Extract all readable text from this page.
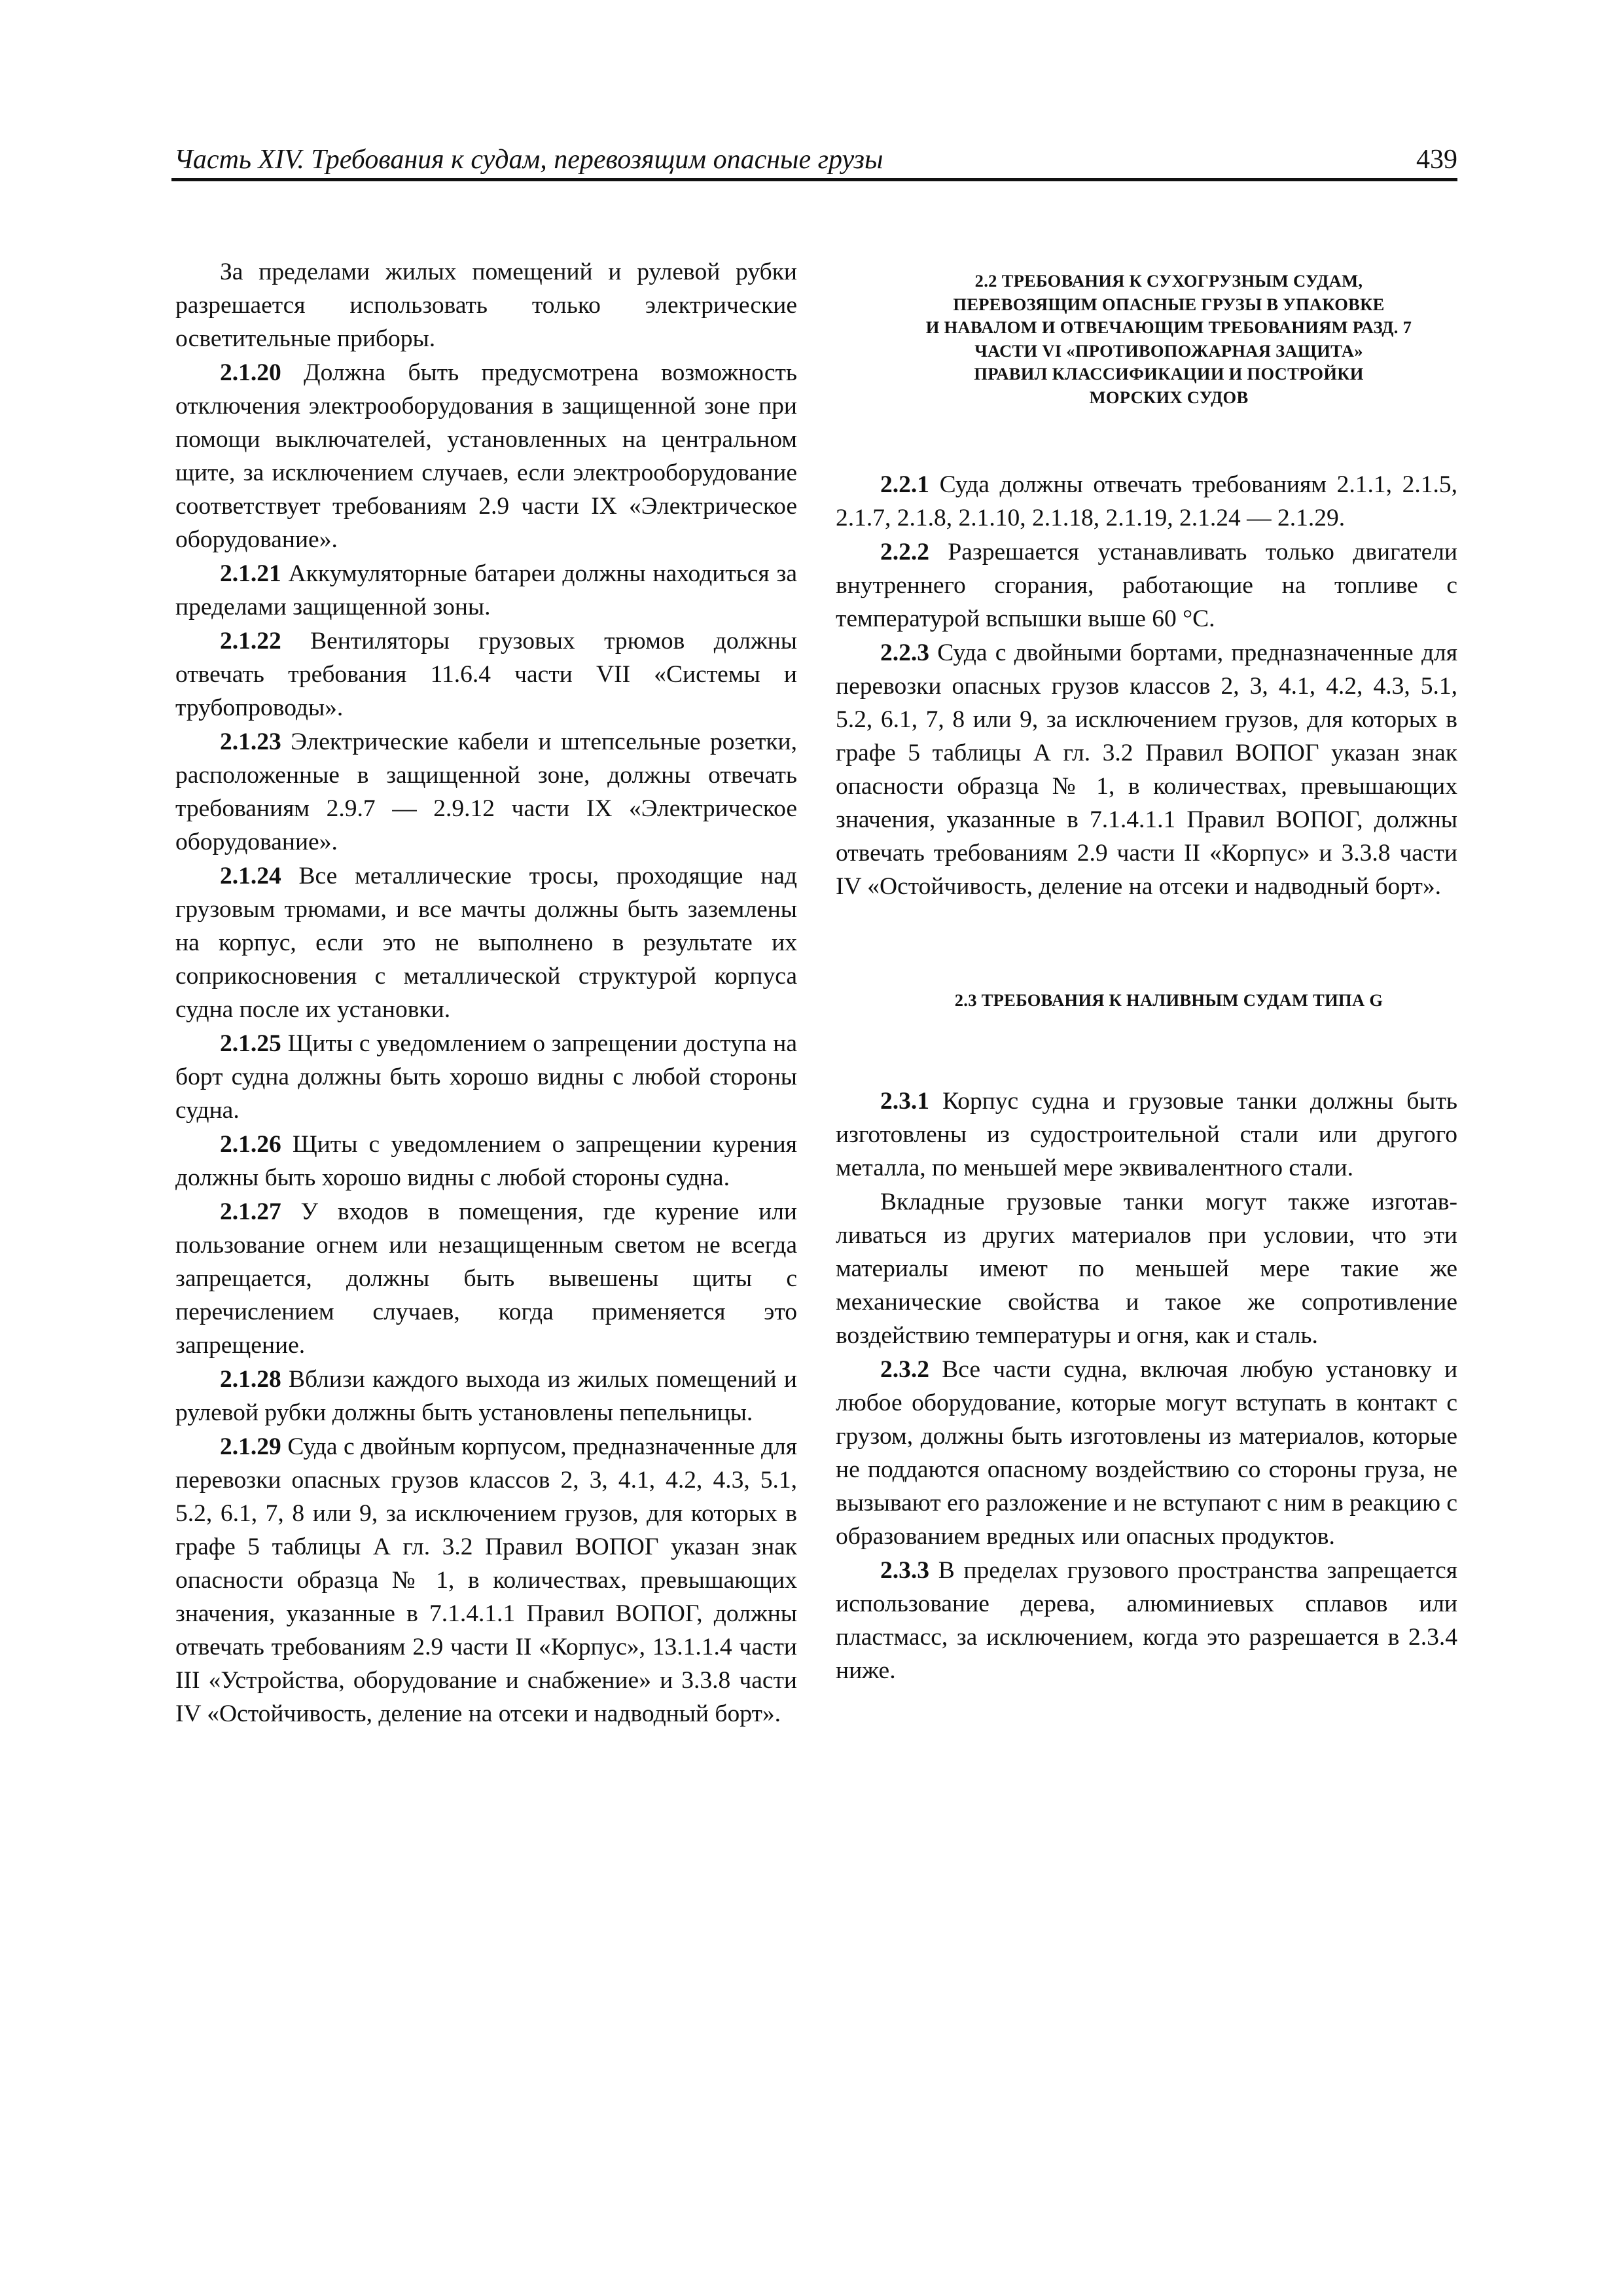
Часть XIV. Требования к судам, перевозящим опасные грузы	439

За пределами жилых помещений и рулевой рубки разрешается использовать только электрические осветительные приборы.

2.1.20 Должна быть предусмотрена возможность отключения электрооборудования в защищенной зоне при помощи выключателей, установленных на центральном щите, за исключением случаев, если электрооборудование соответствует требованиям 2.9 части IX «Электрическое оборудование».

2.1.21 Аккумуляторные батареи должны находиться за пределами защищенной зоны.

2.1.22 Вентиляторы грузовых трюмов должны отвечать требования 11.6.4 части VII «Системы и трубопроводы».

2.1.23 Электрические кабели и штепсельные розетки, расположенные в защищенной зоне, должны отвечать требованиям 2.9.7 — 2.9.12 части IX «Электрическое оборудование».

2.1.24 Все металлические тросы, проходящие над грузовым трюмами, и все мачты должны быть заземлены на корпус, если это не выполнено в результате их соприкосновения с металлической структурой корпуса судна после их установки.

2.1.25 Щиты с уведомлением о запрещении доступа на борт судна должны быть хорошо видны с любой стороны судна.

2.1.26 Щиты с уведомлением о запрещении курения должны быть хорошо видны с любой стороны судна.

2.1.27 У входов в помещения, где курение или пользование огнем или незащищенным светом не всегда запрещается, должны быть вывешены щиты с перечислением случаев, когда применяется это запрещение.

2.1.28 Вблизи каждого выхода из жилых помещений и рулевой рубки должны быть установлены пепельницы.

2.1.29 Суда с двойным корпусом, предназначенные для перевозки опасных грузов классов 2, 3, 4.1, 4.2, 4.3, 5.1, 5.2, 6.1, 7, 8 или 9, за исключением грузов, для которых в графе 5 таблицы А гл. 3.2 Правил ВОПОГ указан знак опасности образца № 1, в количествах, превышающих значения, указанные в 7.1.4.1.1 Правил ВОПОГ, должны отвечать требованиям 2.9 части II «Корпус», 13.1.1.4 части III «Устройства, оборудование и снабжение» и 3.3.8 части IV «Остойчивость, деление на отсеки и надводный борт».

2.2 ТРЕБОВАНИЯ К СУХОГРУЗНЫМ СУДАМ,

ПЕРЕВОЗЯЩИМ ОПАСНЫЕ ГРУЗЫ В УПАКОВКЕ

И НАВАЛОМ И ОТВЕЧАЮЩИМ ТРЕБОВАНИЯМ РАЗД. 7

ЧАСТИ VI «ПРОТИВОПОЖАРНАЯ ЗАЩИТА»

ПРАВИЛ КЛАССИФИКАЦИИ И ПОСТРОЙКИ

МОРСКИХ СУДОВ

2.2.1 Суда должны отвечать требованиям 2.1.1, 2.1.5, 2.1.7, 2.1.8, 2.1.10, 2.1.18, 2.1.19, 2.1.24 — 2.1.29.

2.2.2 Разрешается устанавливать только двигатели внутреннего сгорания, работающие на топливе с температурой вспышки выше 60 °С.

2.2.3 Суда с двойными бортами, предназначенные для перевозки опасных грузов классов 2, 3, 4.1, 4.2, 4.3, 5.1, 5.2, 6.1, 7, 8 или 9, за исключением грузов, для которых в графе 5 таблицы А гл. 3.2 Правил ВОПОГ указан знак опасности образца № 1, в количествах, превышающих значения, указанные в 7.1.4.1.1 Правил ВОПОГ, должны отвечать требованиям 2.9 части II «Корпус» и 3.3.8 части IV «Остойчивость, деление на отсеки и надводный борт».

2.3 ТРЕБОВАНИЯ К НАЛИВНЫМ СУДАМ ТИПА G

2.3.1 Корпус судна и грузовые танки должны быть изготовлены из судостроительной стали или другого металла, по меньшей мере эквивалентного стали.

Вкладные грузовые танки могут также изготавливаться из других материалов при условии, что эти материалы имеют по меньшей мере такие же механические свойства и такое же сопротивление воздействию температуры и огня, как и сталь.

2.3.2 Все части судна, включая любую установку и любое оборудование, которые могут вступать в контакт с грузом, должны быть изготовлены из материалов, которые не поддаются опасному воздействию со стороны груза, не вызывают его разложение и не вступают с ним в реакцию с образованием вредных или опасных продуктов.

2.3.3 В пределах грузового пространства запрещается использование дерева, алюминиевых сплавов или пластмасс, за исключением, когда это разрешается в 2.3.4 ниже.
